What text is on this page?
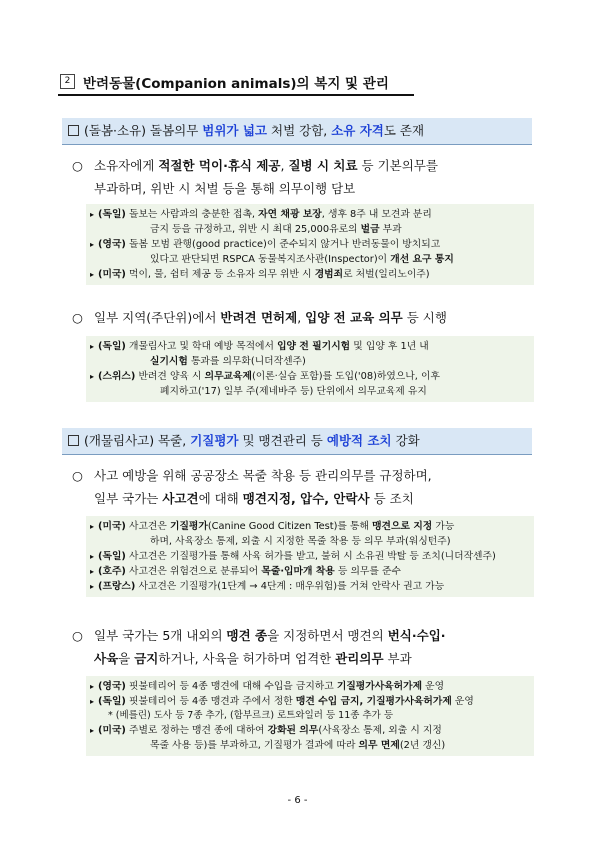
2 반려동물(Companion animals)의 복지 및 관리
(돌봄·소유) 돌봄의무 범위가 넓고 처벌 강함, 소유 자격도 존재
○ 소유자에게 적절한 먹이·휴식 제공, 질병 시 치료 등 기본의무를
부과하며, 위반 시 처벌 등을 통해 의무이행 담보
▸ (독일) 돌보는 사람과의 충분한 접촉, 자연 채광 보장, 생후 8주 내 모견과 분리
금지 등을 규정하고, 위반 시 최대 25,000유로의 벌금 부과
▸ (영국) 돌봄 모범 관행(good practice)이 준수되지 않거나 반려동물이 방치되고
있다고 판단되면 RSPCA 동물복지조사관(Inspector)이 개선 요구 통지
▸ (미국) 먹이, 물, 쉼터 제공 등 소유자 의무 위반 시 경범죄로 처벌(일리노이주)
○ 일부 지역(주단위)에서 반려견 면허제, 입양 전 교육 의무 등 시행
▸ (독일) 개물림사고 및 학대 예방 목적에서 입양 전 필기시험 및 입양 후 1년 내
실기시험 통과를 의무화(니더작센주)
▸ (스위스) 반려견 양육 시 의무교육제(이론·실습 포함)를 도입('08)하였으나, 이후
폐지하고('17) 일부 주(제네바주 등) 단위에서 의무교육제 유지
(개물림사고) 목줄, 기질평가 및 맹견관리 등 예방적 조치 강화
○ 사고 예방을 위해 공공장소 목줄 착용 등 관리의무를 규정하며,
일부 국가는 사고견에 대해 맹견지정, 압수, 안락사 등 조치
▸ (미국) 사고견은 기질평가(Canine Good Citizen Test)를 통해 맹견으로 지정 가능
하며, 사육장소 통제, 외출 시 지정한 목줄 착용 등 의무 부과(워싱턴주)
▸ (독일) 사고견은 기질평가를 통해 사육 허가를 받고, 불허 시 소유권 박탈 등 조치(니더작센주)
▸ (호주) 사고견은 위험견으로 분류되어 목줄·입마개 착용 등 의무를 준수
▸ (프랑스) 사고견은 기질평가(1단계 → 4단계 : 매우위험)를 거쳐 안락사 권고 가능
○ 일부 국가는 5개 내외의 맹견 종을 지정하면서 맹견의 번식·수입·
사육을 금지하거나, 사육을 허가하며 엄격한 관리의무 부과
▸ (영국) 핏불테리어 등 4종 맹견에 대해 수입을 금지하고 기질평가사육허가제 운영
▸ (독일) 핏불테리어 등 4종 맹견과 주에서 정한 맹견 수입 금지, 기질평가사육허가제 운영
* (베를린) 도사 등 7종 추가, (함부르크) 로트와일러 등 11종 추가 등
▸ (미국) 주별로 정하는 맹견 종에 대하여 강화된 의무(사육장소 통제, 외출 시 지정
목줄 사용 등)를 부과하고, 기질평가 결과에 따라 의무 면제(2년 갱신)
- 6 -
